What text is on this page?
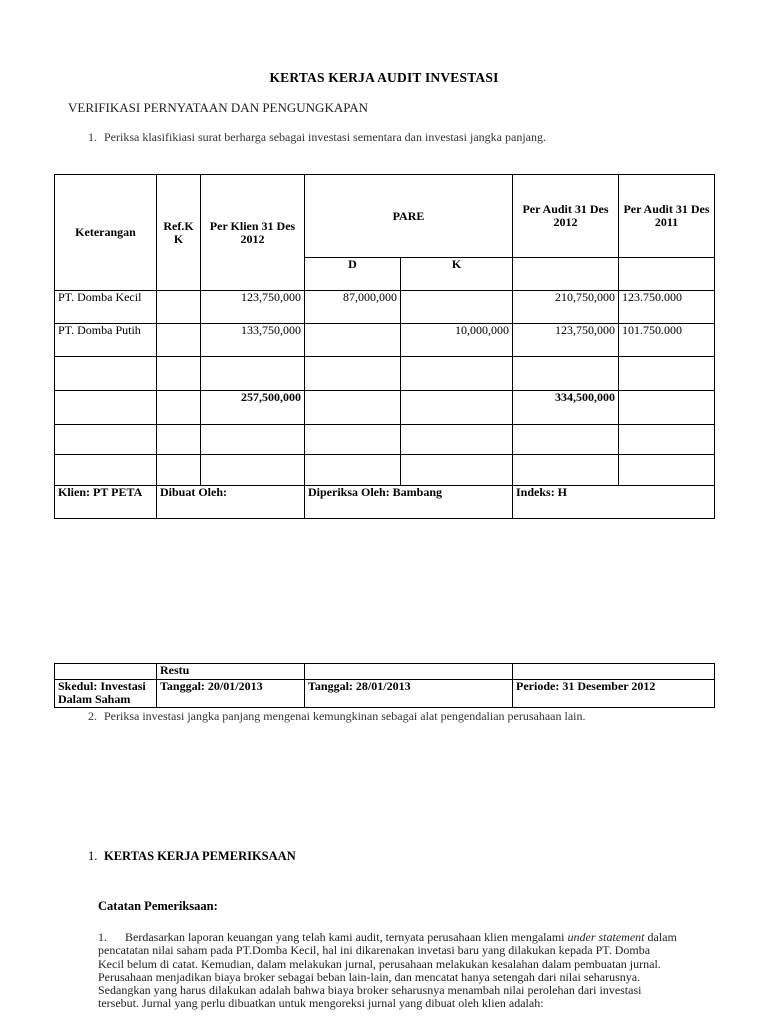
KERTAS KERJA AUDIT INVESTASI
VERIFIKASI PERNYATAAN DAN PENGUNGKAPAN
1. Periksa klasifikiasi surat berharga sebagai investasi sementara dan investasi jangka panjang.
Keterangan	Ref.K K	Per Klien 31 Des 2012	PARE		Per Audit 31 Des 2012	Per Audit 31 Des 2011
			D	K		
PT. Domba Kecil		123,750,000	87,000,000		210,750,000	123.750.000
PT. Domba Putih		133,750,000		10,000,000	123,750,000	101.750.000

		257,500,000			334,500,000	

Klien: PT PETA	Dibuat Oleh:		Diperiksa Oleh: Bambang		Indeks: H	
	Restu		
Skedul: Investasi Dalam Saham	Tanggal: 20/01/2013	Tanggal: 28/01/2013	Periode: 31 Desember 2012
2. Periksa investasi jangka panjang mengenai kemungkinan sebagai alat pengendalian perusahaan lain.
1. KERTAS KERJA PEMERIKSAAN
Catatan Pemeriksaan:
1. Berdasarkan laporan keuangan yang telah kami audit, ternyata perusahaan klien mengalami under statement dalam pencatatan nilai saham pada PT.Domba Kecil, hal ini dikarenakan invetasi baru yang dilakukan kepada PT. Domba Kecil belum di catat. Kemudian, dalam melakukan jurnal, perusahaan melakukan kesalahan dalam pembuatan jurnal. Perusahaan menjadikan biaya broker sebagai beban lain-lain, dan mencatat hanya setengah dari nilai seharusnya. Sedangkan yang harus dilakukan adalah bahwa biaya broker seharusnya menambah nilai perolehan dari investasi tersebut. Jurnal yang perlu dibuatkan untuk mengoreksi jurnal yang dibuat oleh klien adalah:
